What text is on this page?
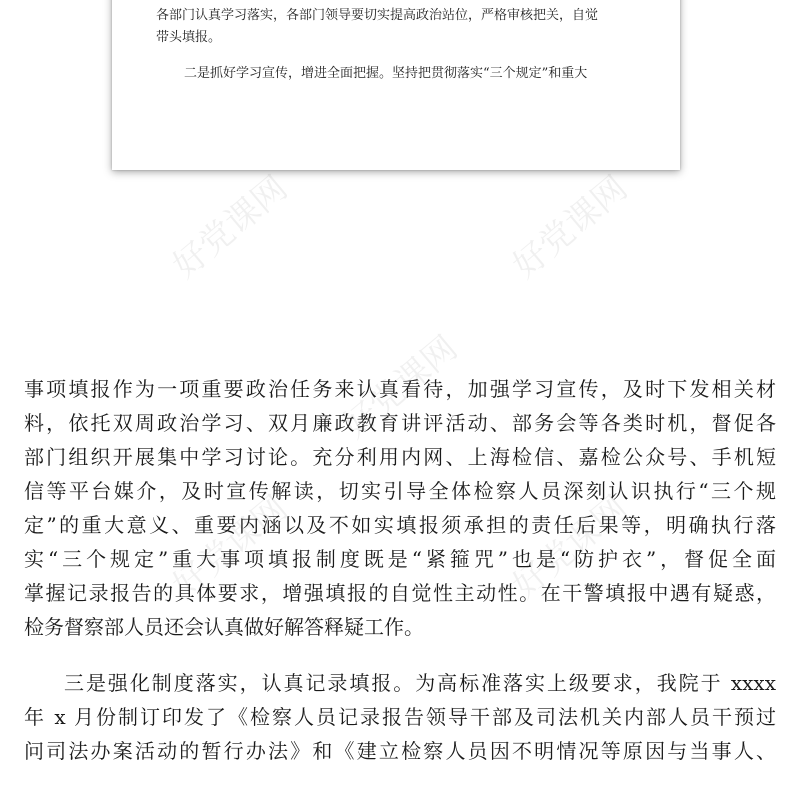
各部门认真学习落实，各部门领导要切实提高政治站位，严格审核把关，自觉
带头填报。
二是抓好学习宣传，增进全面把握。坚持把贯彻落实“三个规定”和重大
好党课网	好党课网
好党课网
好党课网	好党课网

事项填报作为一项重要政治任务来认真看待，加强学习宣传，及时下发相关材

料，依托双周政治学习、双月廉政教育讲评活动、部务会等各类时机，督促各

部门组织开展集中学习讨论。充分利用内网、上海检信、嘉检公众号、手机短

信等平台媒介，及时宣传解读，切实引导全体检察人员深刻认识执行“三个规

定”的重大意义、重要内涵以及不如实填报须承担的责任后果等，明确执行落

实“三个规定”重大事项填报制度既是“紧箍咒”也是“防护衣”，督促全面

掌握记录报告的具体要求，增强填报的自觉性主动性。在干警填报中遇有疑惑，

检务督察部人员还会认真做好解答释疑工作。

三是强化制度落实，认真记录填报。为高标准落实上级要求，我院于 xxxx

年 x 月份制订印发了《检察人员记录报告领导干部及司法机关内部人员干预过

问司法办案活动的暂行办法》和《建立检察人员因不明情况等原因与当事人、
